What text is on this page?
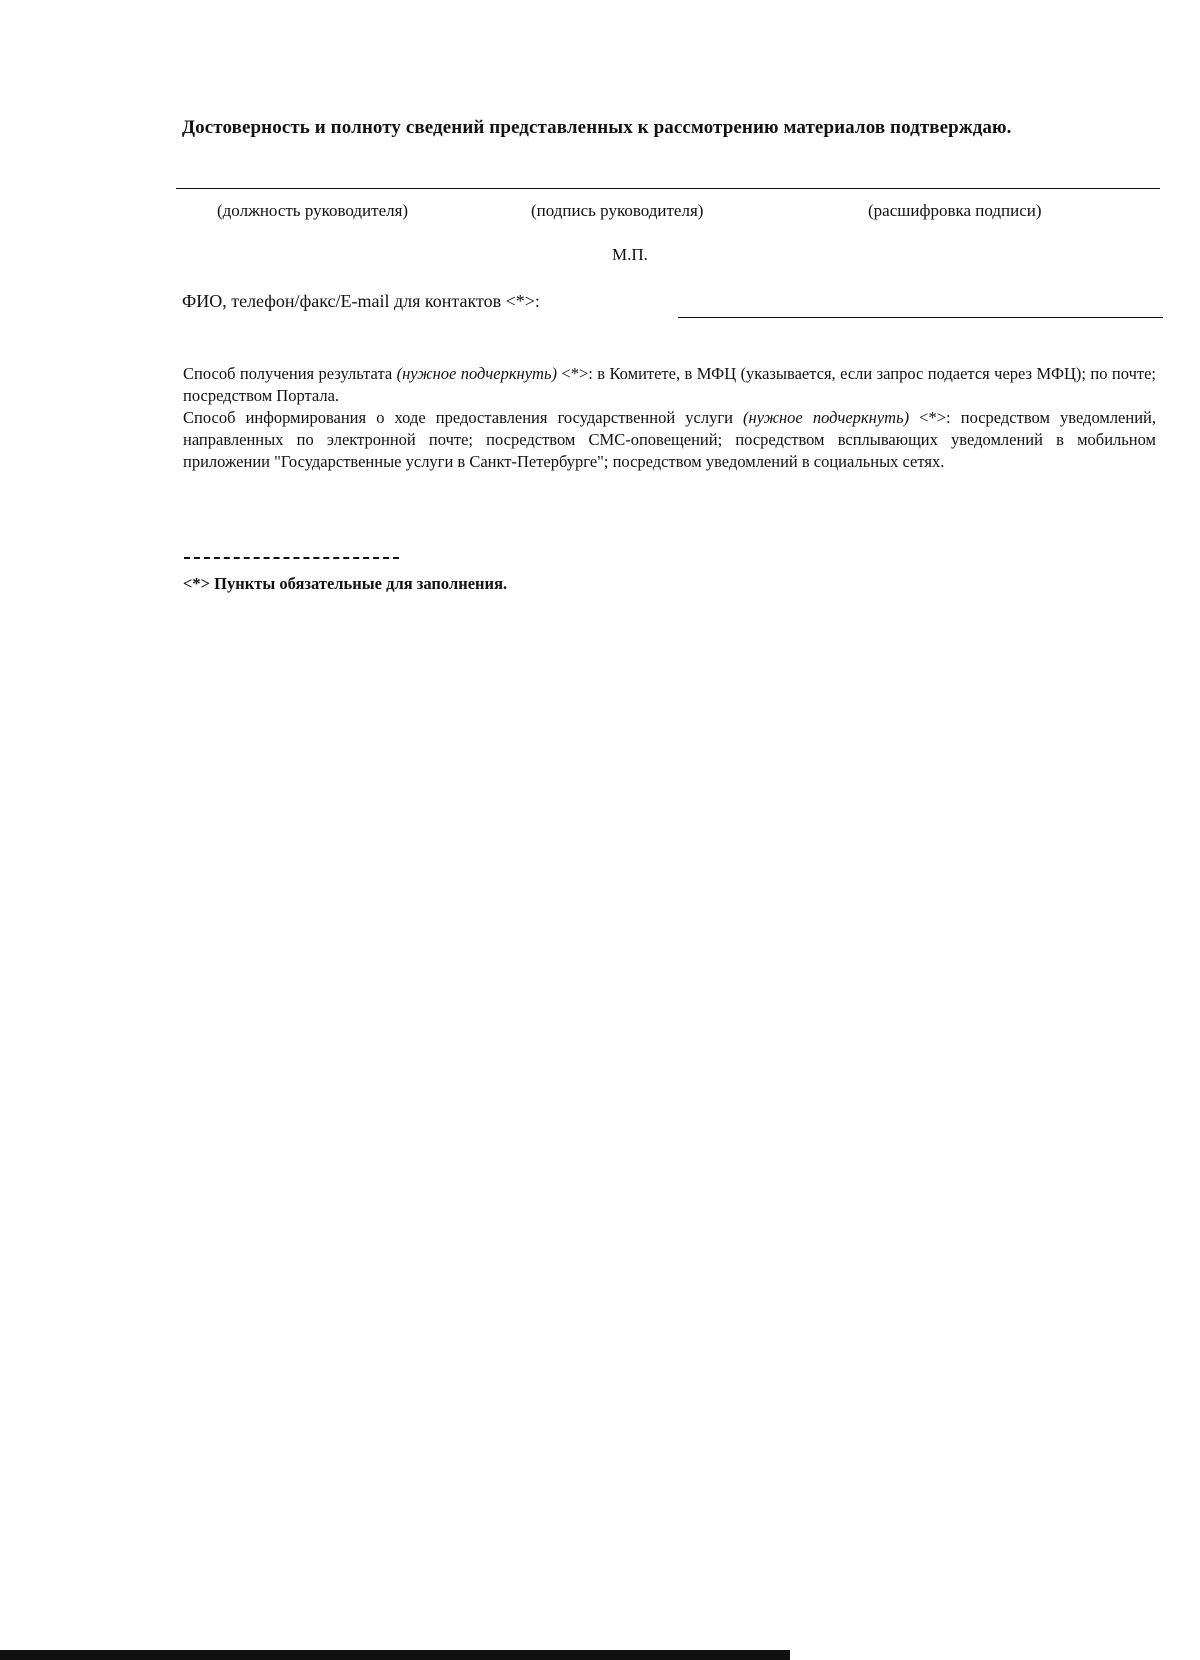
Достоверность и полноту сведений представленных к рассмотрению материалов подтверждаю.
(должность руководителя)	(подпись руководителя)	(расшифровка подписи)
М.П.
ФИО, телефон/факс/E-mail для контактов <*>:
Способ получения результата (нужное подчеркнуть) <*>: в Комитете, в МФЦ (указывается, если запрос подается через МФЦ); по почте; посредством Портала.
Способ информирования о ходе предоставления государственной услуги (нужное подчеркнуть) <*>: посредством уведомлений, направленных по электронной почте; посредством СМС-оповещений; посредством всплывающих уведомлений в мобильном приложении "Государственные услуги в Санкт-Петербурге"; посредством уведомлений в социальных сетях.
<*> Пункты обязательные для заполнения.
